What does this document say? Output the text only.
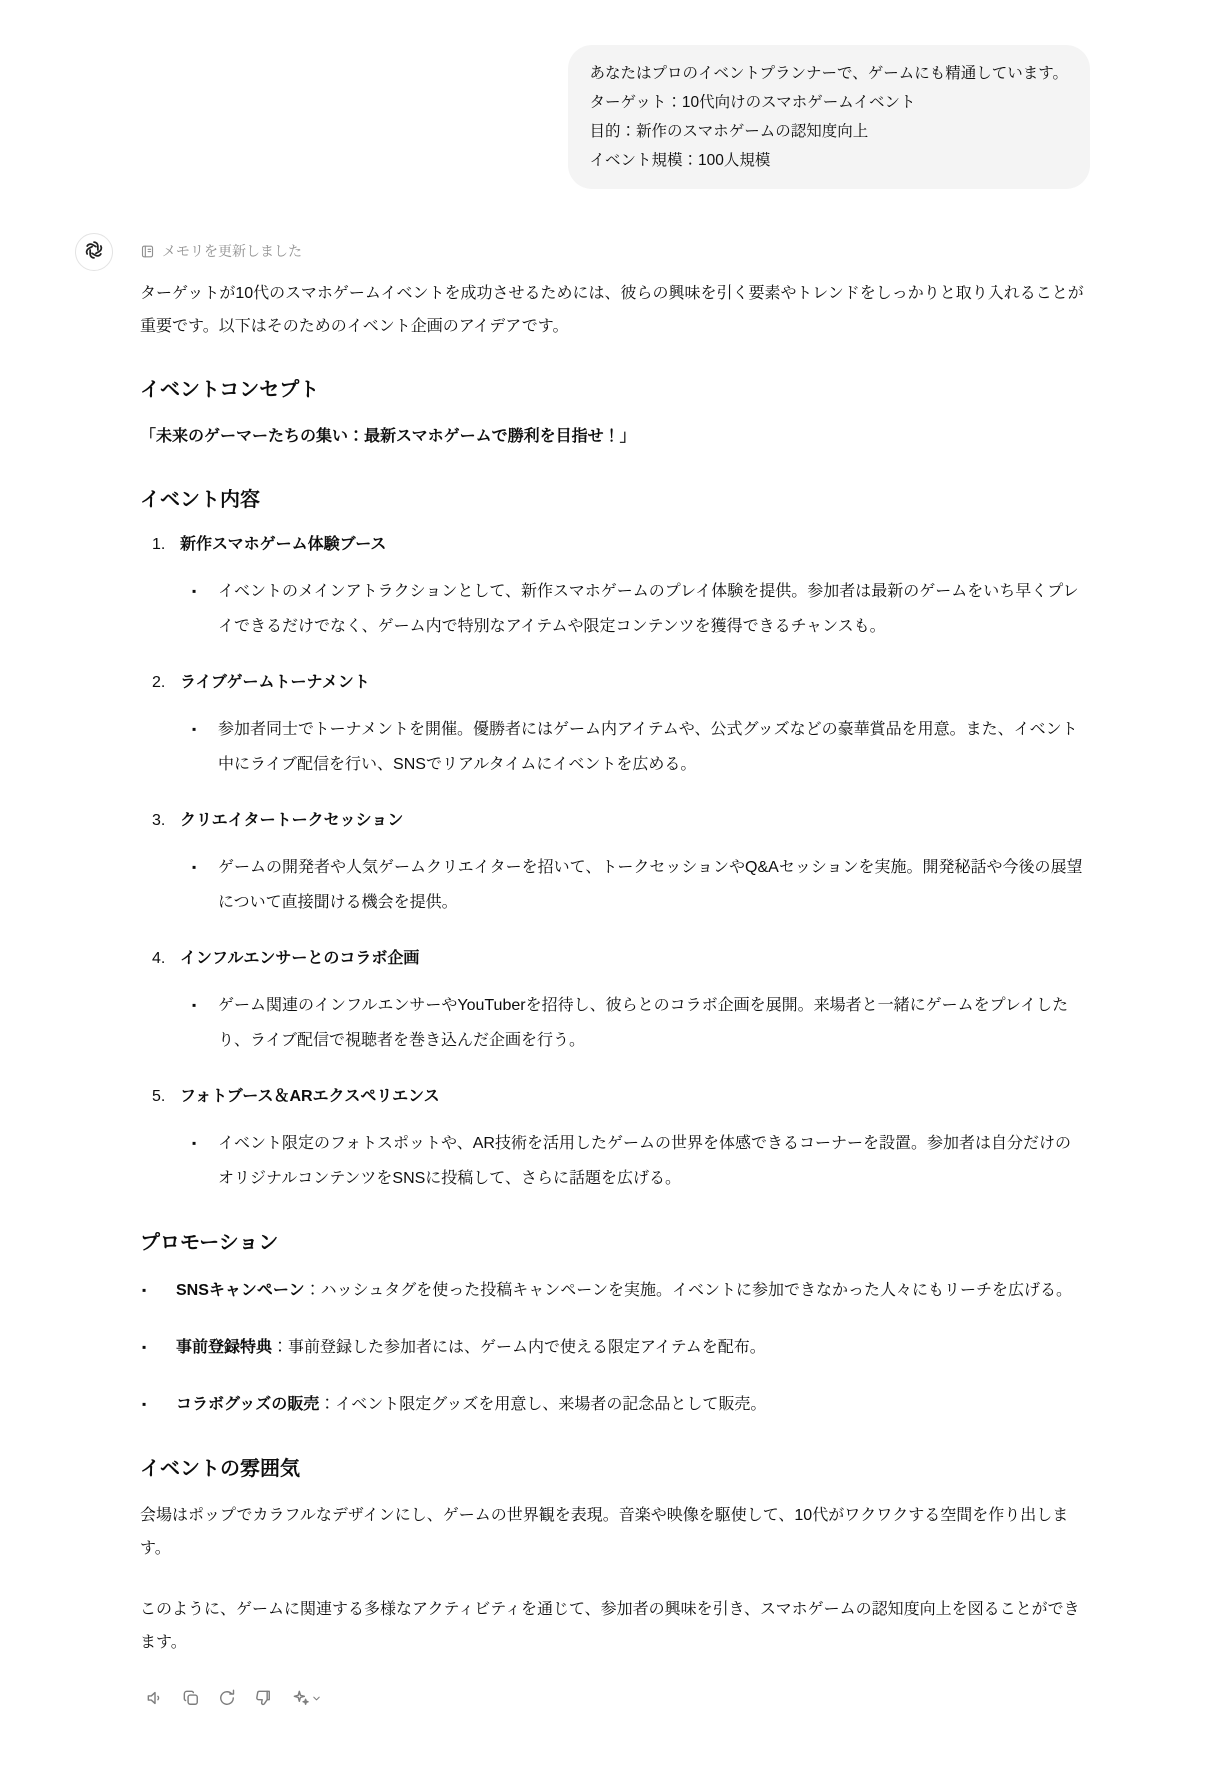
あなたはプロのイベントプランナーで、ゲームにも精通しています。
ターゲット：10代向けのスマホゲームイベント
目的：新作のスマホゲームの認知度向上
イベント規模：100人規模
メモリを更新しました

ターゲットが10代のスマホゲームイベントを成功させるためには、彼らの興味を引く要素やトレンドをしっかりと取り入れることが重要です。以下はそのためのイベント企画のアイデアです。

イベントコンセプト

「未来のゲーマーたちの集い：最新スマホゲームで勝利を目指せ！」

イベント内容
1. 新作スマホゲーム体験ブース
▪ イベントのメインアトラクションとして、新作スマホゲームのプレイ体験を提供。参加者は最新のゲームをいち早くプレイできるだけでなく、ゲーム内で特別なアイテムや限定コンテンツを獲得できるチャンスも。
2. ライブゲームトーナメント
▪ 参加者同士でトーナメントを開催。優勝者にはゲーム内アイテムや、公式グッズなどの豪華賞品を用意。また、イベント中にライブ配信を行い、SNSでリアルタイムにイベントを広める。
3. クリエイタートークセッション
▪ ゲームの開発者や人気ゲームクリエイターを招いて、トークセッションやQ&Aセッションを実施。開発秘話や今後の展望について直接聞ける機会を提供。
4. インフルエンサーとのコラボ企画
▪ ゲーム関連のインフルエンサーやYouTuberを招待し、彼らとのコラボ企画を展開。来場者と一緒にゲームをプレイしたり、ライブ配信で視聴者を巻き込んだ企画を行う。
5. フォトブース＆ARエクスペリエンス
▪ イベント限定のフォトスポットや、AR技術を活用したゲームの世界を体感できるコーナーを設置。参加者は自分だけのオリジナルコンテンツをSNSに投稿して、さらに話題を広げる。
プロモーション
▪ SNSキャンペーン：ハッシュタグを使った投稿キャンペーンを実施。イベントに参加できなかった人々にもリーチを広げる。
▪ 事前登録特典：事前登録した参加者には、ゲーム内で使える限定アイテムを配布。
▪ コラボグッズの販売：イベント限定グッズを用意し、来場者の記念品として販売。
イベントの雰囲気

会場はポップでカラフルなデザインにし、ゲームの世界観を表現。音楽や映像を駆使して、10代がワクワクする空間を作り出します。

このように、ゲームに関連する多様なアクティビティを通じて、参加者の興味を引き、スマホゲームの認知度向上を図ることができます。
